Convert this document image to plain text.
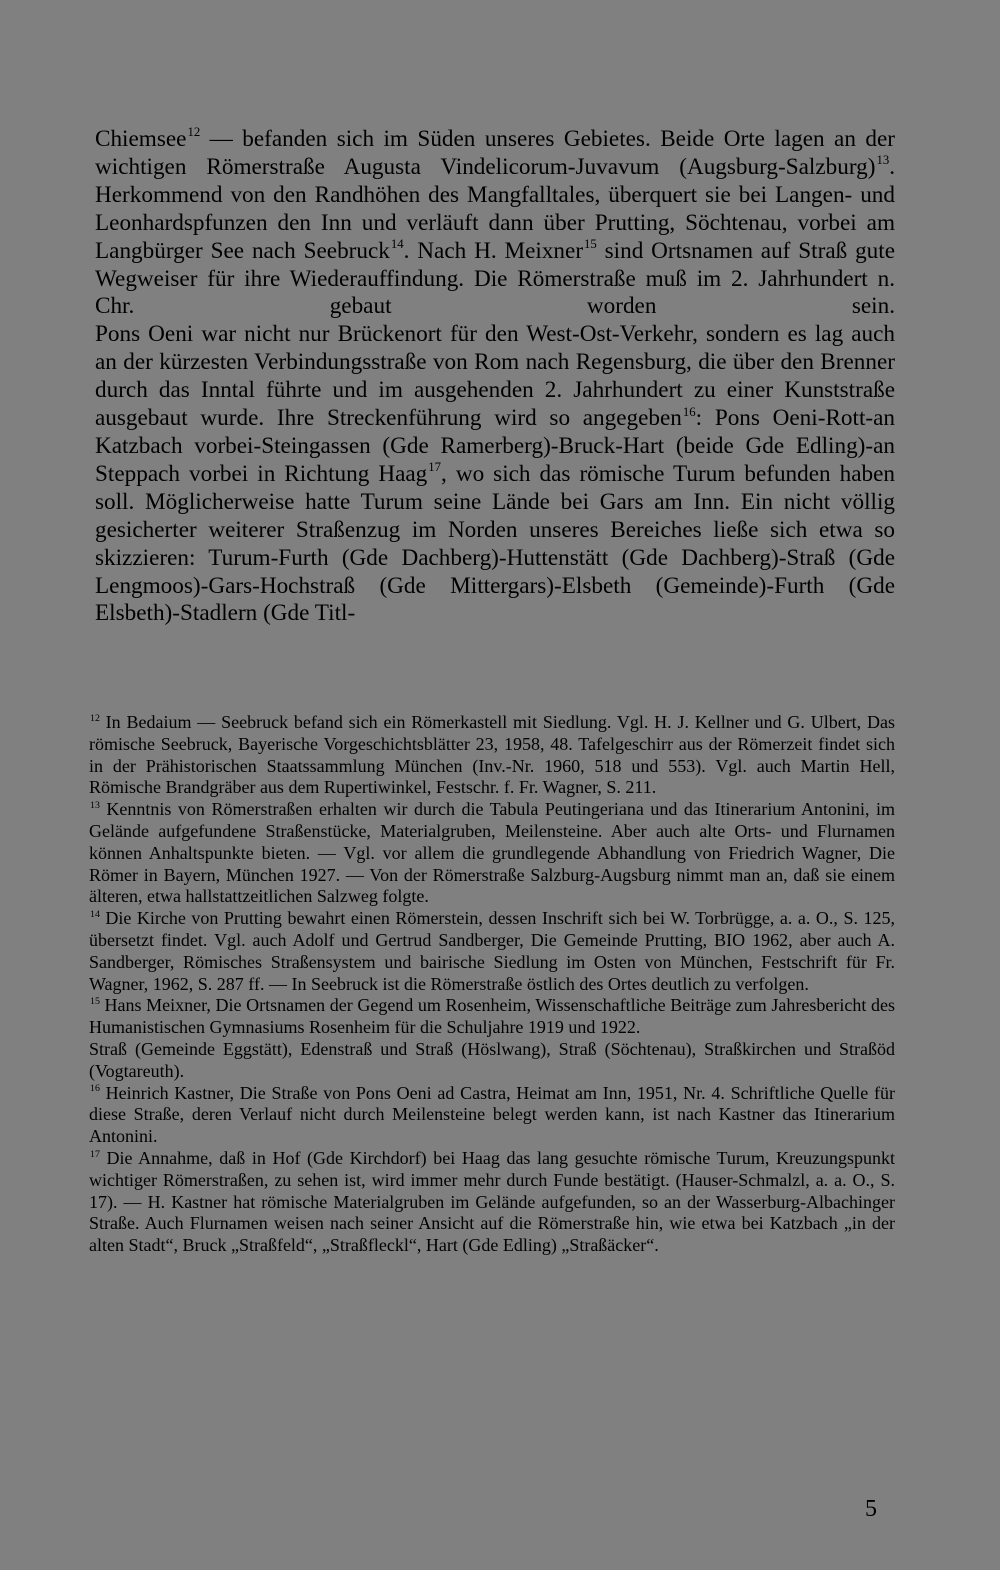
Chiemsee$^{12}$ — befanden sich im Süden unseres Gebietes. Beide Orte lagen an der wichtigen Römerstraße Augusta Vindelicorum-Juvavum (Augsburg-Salzburg)$^{13}$. Herkommend von den Randhöhen des Mangfalltales, überquert sie bei Langen- und Leonhardspfunzen den Inn und verläuft dann über Prutting, Söchtenau, vorbei am Langbürger See nach Seebruck$^{14}$. Nach H. Meixner$^{15}$ sind Ortsnamen auf Straß gute Wegweiser für ihre Wiederauffindung. Die Römerstraße muß im 2. Jahrhundert n. Chr. gebaut worden sein.

Pons Oeni war nicht nur Brückenort für den West-Ost-Verkehr, sondern es lag auch an der kürzesten Verbindungsstraße von Rom nach Regensburg, die über den Brenner durch das Inntal führte und im ausgehenden 2. Jahrhundert zu einer Kunststraße ausgebaut wurde. Ihre Streckenführung wird so angegeben$^{16}$: Pons Oeni-Rott-an Katzbach vorbei-Steingassen (Gde Ramerberg)-Bruck-Hart (beide Gde Edling)-an Steppach vorbei in Richtung Haag$^{17}$, wo sich das römische Turum befunden haben soll. Möglicherweise hatte Turum seine Lände bei Gars am Inn. Ein nicht völlig gesicherter weiterer Straßenzug im Norden unseres Bereiches ließe sich etwa so skizzieren: Turum-Furth (Gde Dachberg)-Huttenstätt (Gde Dachberg)-Straß (Gde Lengmoos)-Gars-Hochstraß (Gde Mittergars)-Elsbeth (Gemeinde)-Furth (Gde Elsbeth)-Stadlern (Gde Titl-

$^{12}$ In Bedaium — Seebruck befand sich ein Römerkastell mit Siedlung. Vgl. H. J. Kellner und G. Ulbert, Das römische Seebruck, Bayerische Vorgeschichtsblätter 23, 1958, 48. Tafelgeschirr aus der Römerzeit findet sich in der Prähistorischen Staatssammlung München (Inv.-Nr. 1960, 518 und 553). Vgl. auch Martin Hell, Römische Brandgräber aus dem Rupertiwinkel, Festschr. f. Fr. Wagner, S. 211.

$^{13}$ Kenntnis von Römerstraßen erhalten wir durch die Tabula Peutingeriana und das Itinerarium Antonini, im Gelände aufgefundene Straßenstücke, Materialgruben, Meilensteine. Aber auch alte Orts- und Flurnamen können Anhaltspunkte bieten. — Vgl. vor allem die grundlegende Abhandlung von Friedrich Wagner, Die Römer in Bayern, München 1927. — Von der Römerstraße Salzburg-Augsburg nimmt man an, daß sie einem älteren, etwa hallstattzeitlichen Salzweg folgte.

$^{14}$ Die Kirche von Prutting bewahrt einen Römerstein, dessen Inschrift sich bei W. Torbrügge, a. a. O., S. 125, übersetzt findet. Vgl. auch Adolf und Gertrud Sandberger, Die Gemeinde Prutting, BIO 1962, aber auch A. Sandberger, Römisches Straßensystem und bairische Siedlung im Osten von München, Festschrift für Fr. Wagner, 1962, S. 287 ff. — In Seebruck ist die Römerstraße östlich des Ortes deutlich zu verfolgen.

$^{15}$ Hans Meixner, Die Ortsnamen der Gegend um Rosenheim, Wissenschaftliche Beiträge zum Jahresbericht des Humanistischen Gymnasiums Rosenheim für die Schuljahre 1919 und 1922.

Straß (Gemeinde Eggstätt), Edenstraß und Straß (Höslwang), Straß (Söchtenau), Straßkirchen und Straßöd (Vogtareuth).

$^{16}$ Heinrich Kastner, Die Straße von Pons Oeni ad Castra, Heimat am Inn, 1951, Nr. 4. Schriftliche Quelle für diese Straße, deren Verlauf nicht durch Meilensteine belegt werden kann, ist nach Kastner das Itinerarium Antonini.

$^{17}$ Die Annahme, daß in Hof (Gde Kirchdorf) bei Haag das lang gesuchte römische Turum, Kreuzungspunkt wichtiger Römerstraßen, zu sehen ist, wird immer mehr durch Funde bestätigt. (Hauser-Schmalzl, a. a. O., S. 17). — H. Kastner hat römische Materialgruben im Gelände aufgefunden, so an der Wasserburg-Albachinger Straße. Auch Flurnamen weisen nach seiner Ansicht auf die Römerstraße hin, wie etwa bei Katzbach „in der alten Stadt“, Bruck „Straßfeld“, „Straßfleckl“, Hart (Gde Edling) „Straßäcker“.

5
